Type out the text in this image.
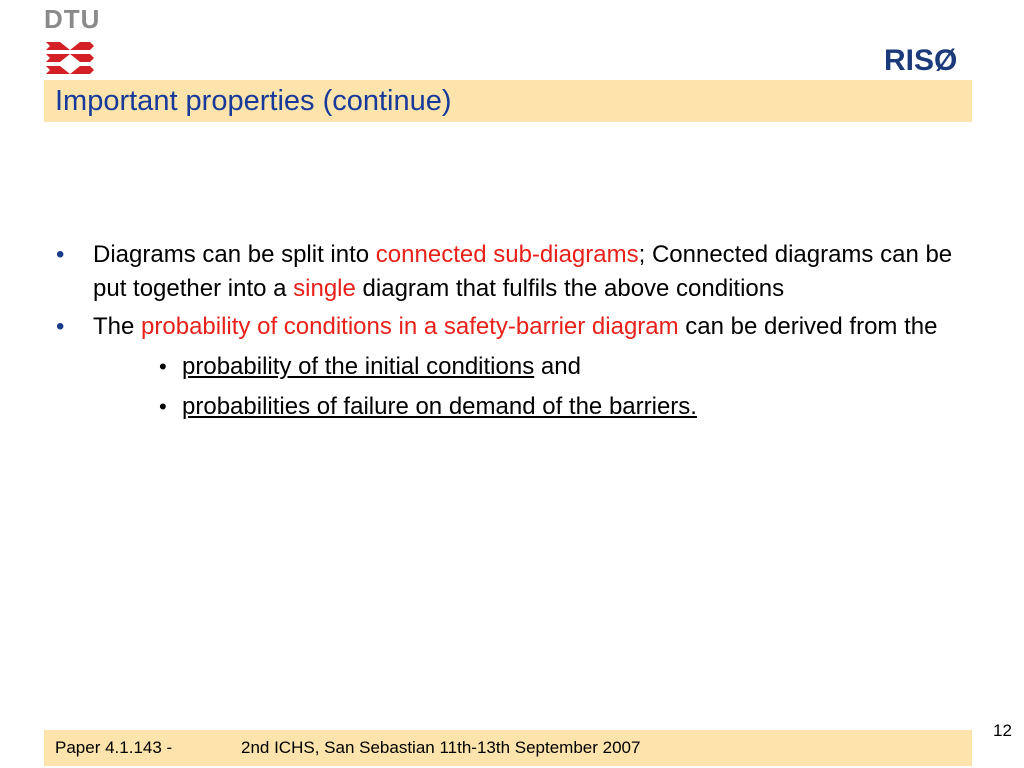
DTU
RISØ
Important properties (continue)
• Diagrams can be split into connected sub-diagrams; Connected diagrams can be put together into a single diagram that fulfils the above conditions
• The probability of conditions in a safety-barrier diagram can be derived from the
• probability of the initial conditions and
• probabilities of failure on demand of the barriers.
12
Paper 4.1.143 -	2nd ICHS, San Sebastian 11th-13th September 2007
